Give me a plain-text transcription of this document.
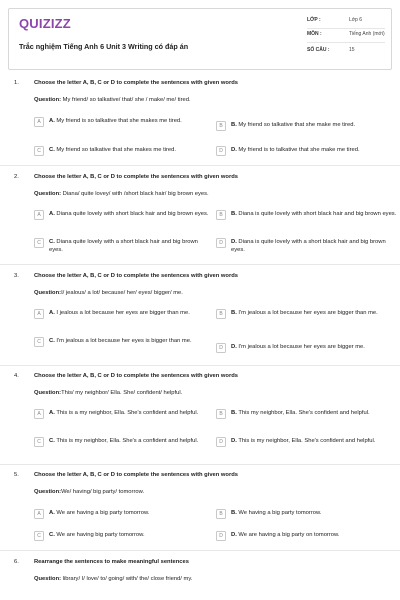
QUIZIZZ
Trắc nghiệm Tiếng Anh 6 Unit 3 Writing có đáp án
LỚP :	Lớp 6
MÔN :	Tiếng Anh (mới)
SỐ CÂU :	15
1.	Choose the letter A, B, C or D to complete the sentences with given words
Question: My friend/ so talkative/ that/ she / make/ me/ tired.
A	A. My friend is so talkative that she makes me tired.
B	B. My friend so talkative that she make me tired.
C	C. My friend so talkative that she makes me tired.	D	D. My friend is to talkative that she make me tired.
2.	Choose the letter A, B, C or D to complete the sentences with given words
Question: Diana/ quite lovey/ with /short black hair/ big brown eyes.
A	A. Diana quite lovely with short black hair and big brown eyes.	B	B. Diana is quite lovely with short black hair and big brown eyes.
C	C. Diana quite lovely with a short black hair and big brown eyes.
D	D. Diana is quite lovely with a short black hair and big brown eyes.
3.	Choose the letter A, B, C or D to complete the sentences with given words
Question:I/ jealous/ a lot/ because/ her/ eyes/ bigger/ me.
A	A. I jealous a lot because her eyes are bigger than me.	B	B. I'm jealous a lot because her eyes are bigger than me.
C	C. I'm jealous a lot because her eyes is bigger than me.
D	D. I'm jealous a lot because her eyes are bigger me.
4.	Choose the letter A, B, C or D to complete the sentences with given words
Question:This/ my neighbor/ Ella. She/ confident/ helpful.
A	A. This is a my neighbor, Ella. She's confident and helpful.	B	B. This my neighbor, Ella. She's confident and helpful.
C	C. This is my neighbor, Ella. She's a confident and helpful.	D	D. This is my neighbor, Ella. She's confident and helpful.
5.	Choose the letter A, B, C or D to complete the sentences with given words
Question:We/ having/ big party/ tomorrow.
A	A. We are having a big party tomorrow.	B	B. We having a big party tomorrow.
C	C. We are having big party tomorrow.	D	D. We are having a big party on tomorrow.
6.	Rearrange the sentences to make meaningful sentences
Question: library/ I/ love/ to/ going/ with/ the/ close friend/ my.
